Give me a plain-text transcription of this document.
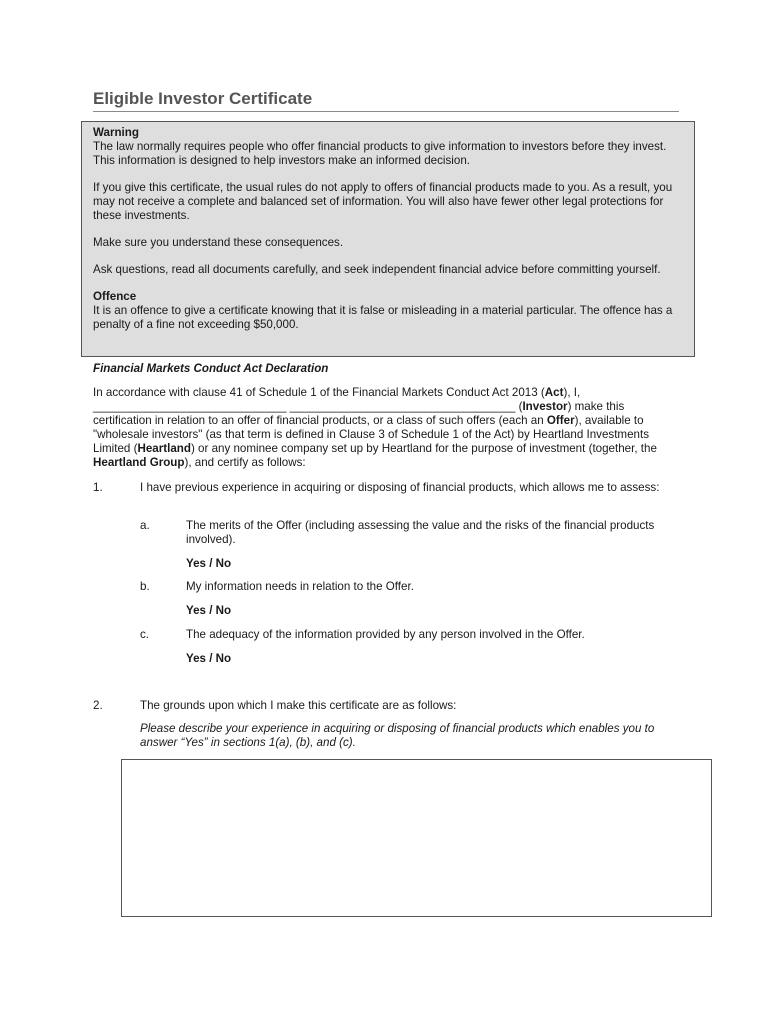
Eligible Investor Certificate

Warning
The law normally requires people who offer financial products to give information to investors before they invest. This information is designed to help investors make an informed decision.

If you give this certificate, the usual rules do not apply to offers of financial products made to you. As a result, you may not receive a complete and balanced set of information. You will also have fewer other legal protections for these investments.

Make sure you understand these consequences.

Ask questions, read all documents carefully, and seek independent financial advice before committing yourself.

Offence
It is an offence to give a certificate knowing that it is false or misleading in a material particular. The offence has a penalty of a fine not exceeding $50,000.

Financial Markets Conduct Act Declaration
In accordance with clause 41 of Schedule 1 of the Financial Markets Conduct Act 2013 (Act), I,
______________________________ ___________________________________ (Investor) make this certification in relation to an offer of financial products, or a class of such offers (each an Offer), available to "wholesale investors" (as that term is defined in Clause 3 of Schedule 1 of the Act) by Heartland Investments Limited (Heartland) or any nominee company set up by Heartland for the purpose of investment (together, the Heartland Group), and certify as follows:
1.	I have previous experience in acquiring or disposing of financial products, which allows me to assess:
a.	The merits of the Offer (including assessing the value and the risks of the financial products involved).
Yes / No
b.	My information needs in relation to the Offer.
Yes / No
c.	The adequacy of the information provided by any person involved in the Offer.
Yes / No
2.	The grounds upon which I make this certificate are as follows:
Please describe your experience in acquiring or disposing of financial products which enables you to answer “Yes” in sections 1(a), (b), and (c).
